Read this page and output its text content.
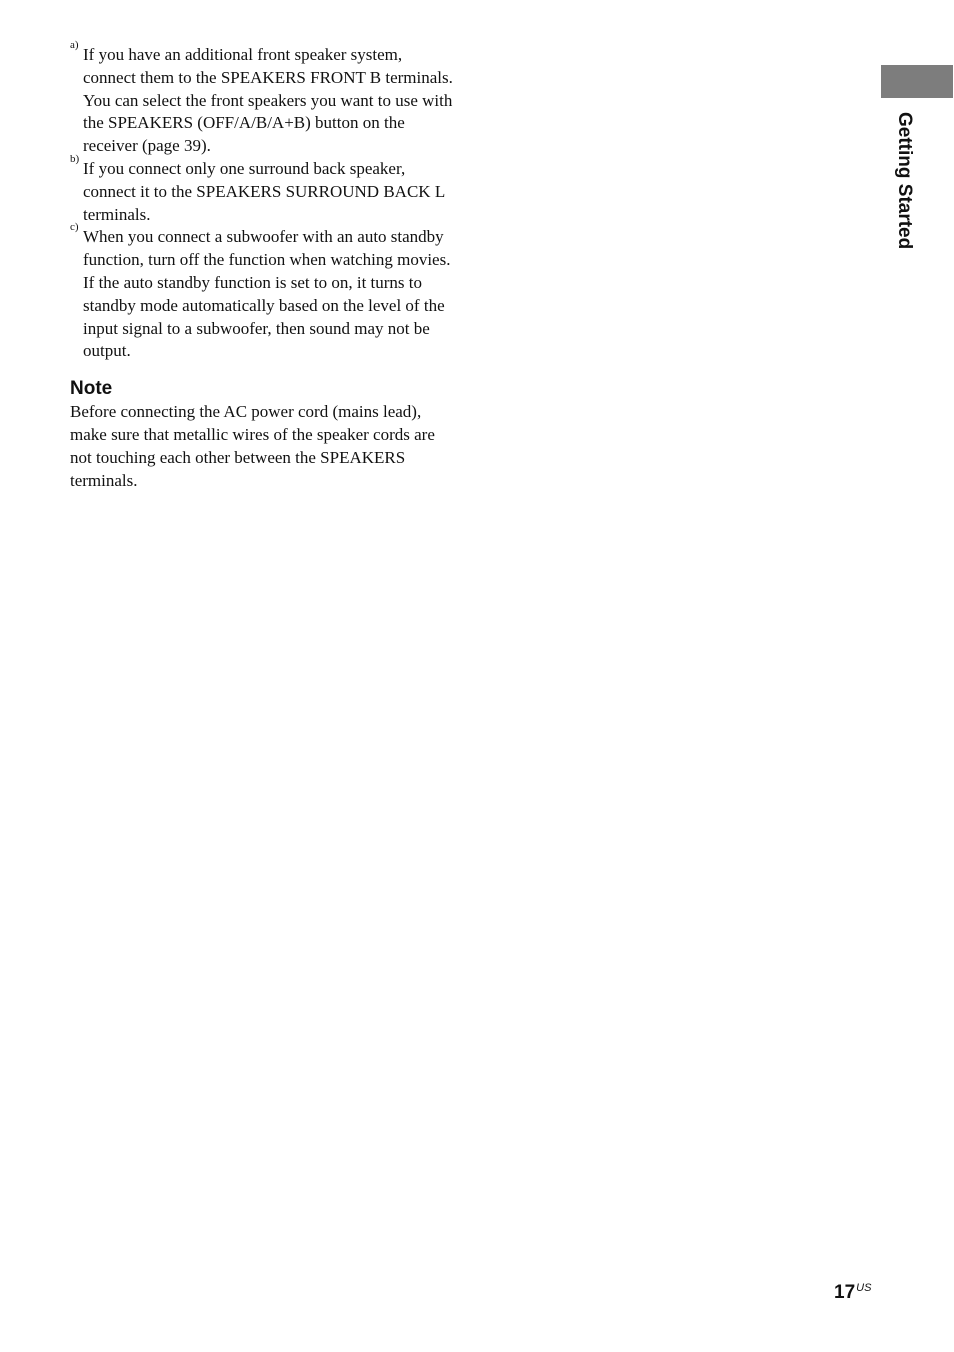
a) If you have an additional front speaker system, connect them to the SPEAKERS FRONT B terminals. You can select the front speakers you want to use with the SPEAKERS (OFF/A/B/A+B) button on the receiver (page 39).

b) If you connect only one surround back speaker, connect it to the SPEAKERS SURROUND BACK L terminals.

c) When you connect a subwoofer with an auto standby function, turn off the function when watching movies. If the auto standby function is set to on, it turns to standby mode automatically based on the level of the input signal to a subwoofer, then sound may not be output.

Note

Before connecting the AC power cord (mains lead), make sure that metallic wires of the speaker cords are not touching each other between the SPEAKERS terminals.

Getting Started
$17^{US}$
